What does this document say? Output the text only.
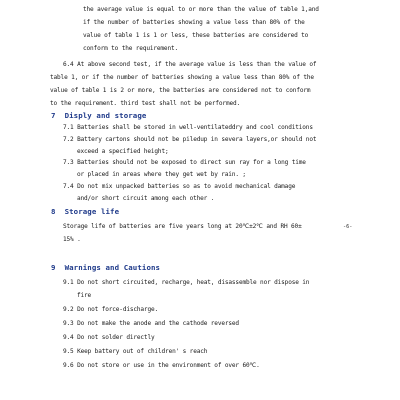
the average value is equal to or more than the value of table 1,and
if the number of batteries showing a value less than 80% of the
value of table 1 is 1 or less, these batteries are considered to
conform to the requirement.
6.4 At above second test, if the average value is less than the value of
table 1, or if the number of batteries showing a value less than 80% of the
value of table 1 is 2 or more, the batteries are considered not to conform
to the requirement. third test shall not be performed.
7 Disply and storage
7.1 Batteries shall be stored in well-ventilateddry and cool conditions
7.2 Battery cartons should not be piledup in severa layers,or should not
exceed a specified height;
7.3 Batteries should not be exposed to direct sun ray for a long time
or placed in areas where they get wet by rain. ;
7.4 Do not mix unpacked batteries so as to avoid mechanical damage
and/or short circuit among each other .
8 Storage life
Storage life of batteries are five years long at 20℃±2℃ and RH 60±	-6-
15% .
9 Warnings and Cautions
9.1 Do not short circuited, recharge, heat, disassemble nor dispose in
fire
9.2 Do not force-discharge.
9.3 Do not make the anode and the cathode reversed
9.4 Do not solder directly
9.5 Keep battery out of children' s reach
9.6 Do not store or use in the environment of over 60℃.
